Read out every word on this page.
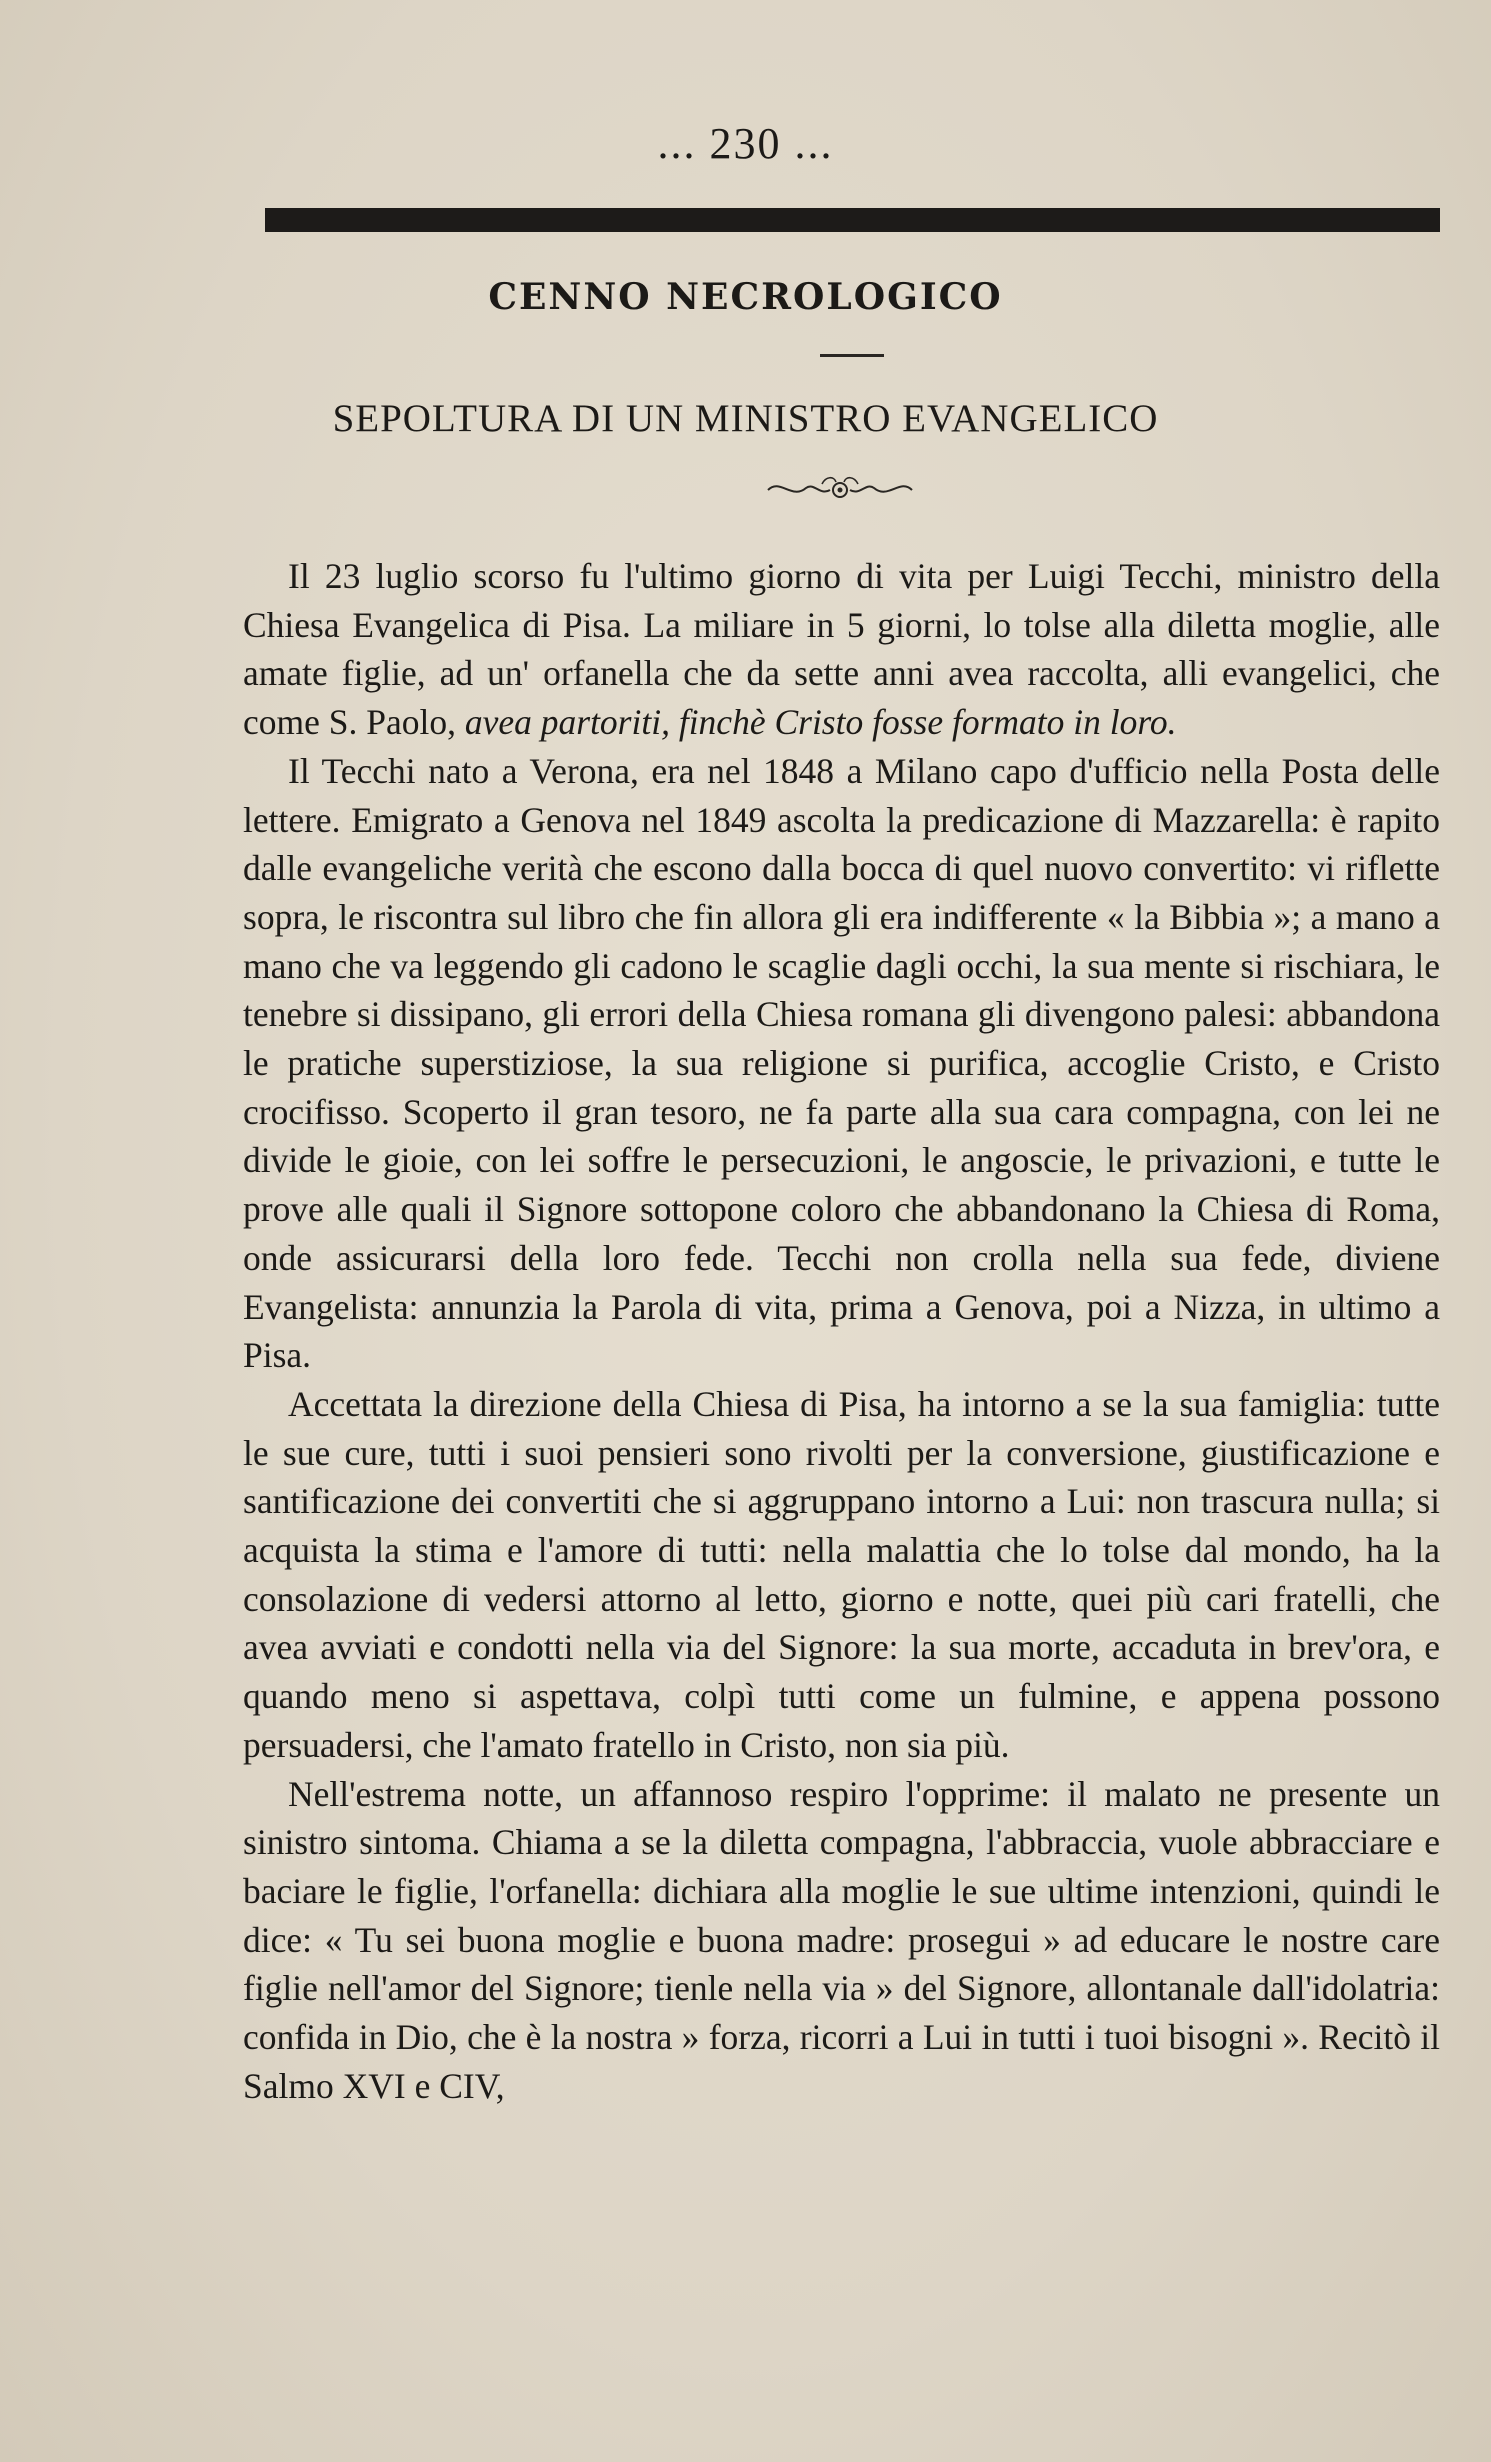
... 230 ...
CENNO NECROLOGICO
SEPOLTURA DI UN MINISTRO EVANGELICO

Il 23 luglio scorso fu l'ultimo giorno di vita per Luigi Tecchi, ministro della Chiesa Evangelica di Pisa. La miliare in 5 giorni, lo tolse alla diletta moglie, alle amate figlie, ad un' orfanella che da sette anni avea raccolta, alli evangelici, che come S. Paolo, avea partoriti, finchè Cristo fosse formato in loro.

Il Tecchi nato a Verona, era nel 1848 a Milano capo d'ufficio nella Posta delle lettere. Emigrato a Genova nel 1849 ascolta la predicazione di Mazzarella: è rapito dalle evangeliche verità che escono dalla bocca di quel nuovo convertito: vi riflette sopra, le riscontra sul libro che fin allora gli era indifferente « la Bibbia »; a mano a mano che va leggendo gli cadono le scaglie dagli occhi, la sua mente si rischiara, le tenebre si dissipano, gli errori della Chiesa romana gli divengono palesi: abbandona le pratiche superstiziose, la sua religione si purifica, accoglie Cristo, e Cristo crocifisso. Scoperto il gran tesoro, ne fa parte alla sua cara compagna, con lei ne divide le gioie, con lei soffre le persecuzioni, le angoscie, le privazioni, e tutte le prove alle quali il Signore sottopone coloro che abbandonano la Chiesa di Roma, onde assicurarsi della loro fede. Tecchi non crolla nella sua fede, diviene Evangelista: annunzia la Parola di vita, prima a Genova, poi a Nizza, in ultimo a Pisa.

Accettata la direzione della Chiesa di Pisa, ha intorno a se la sua famiglia: tutte le sue cure, tutti i suoi pensieri sono rivolti per la conversione, giustificazione e santificazione dei convertiti che si aggruppano intorno a Lui: non trascura nulla; si acquista la stima e l'amore di tutti: nella malattia che lo tolse dal mondo, ha la consolazione di vedersi attorno al letto, giorno e notte, quei più cari fratelli, che avea avviati e condotti nella via del Signore: la sua morte, accaduta in brev'ora, e quando meno si aspettava, colpì tutti come un fulmine, e appena possono persuadersi, che l'amato fratello in Cristo, non sia più.

Nell'estrema notte, un affannoso respiro l'opprime: il malato ne presente un sinistro sintoma. Chiama a se la diletta compagna, l'abbraccia, vuole abbracciare e baciare le figlie, l'orfanella: dichiara alla moglie le sue ultime intenzioni, quindi le dice: « Tu sei buona moglie e buona madre: prosegui » ad educare le nostre care figlie nell'amor del Signore; tienle nella via » del Signore, allontanale dall'idolatria: confida in Dio, che è la nostra » forza, ricorri a Lui in tutti i tuoi bisogni ». Recitò il Salmo XVI e CIV,
